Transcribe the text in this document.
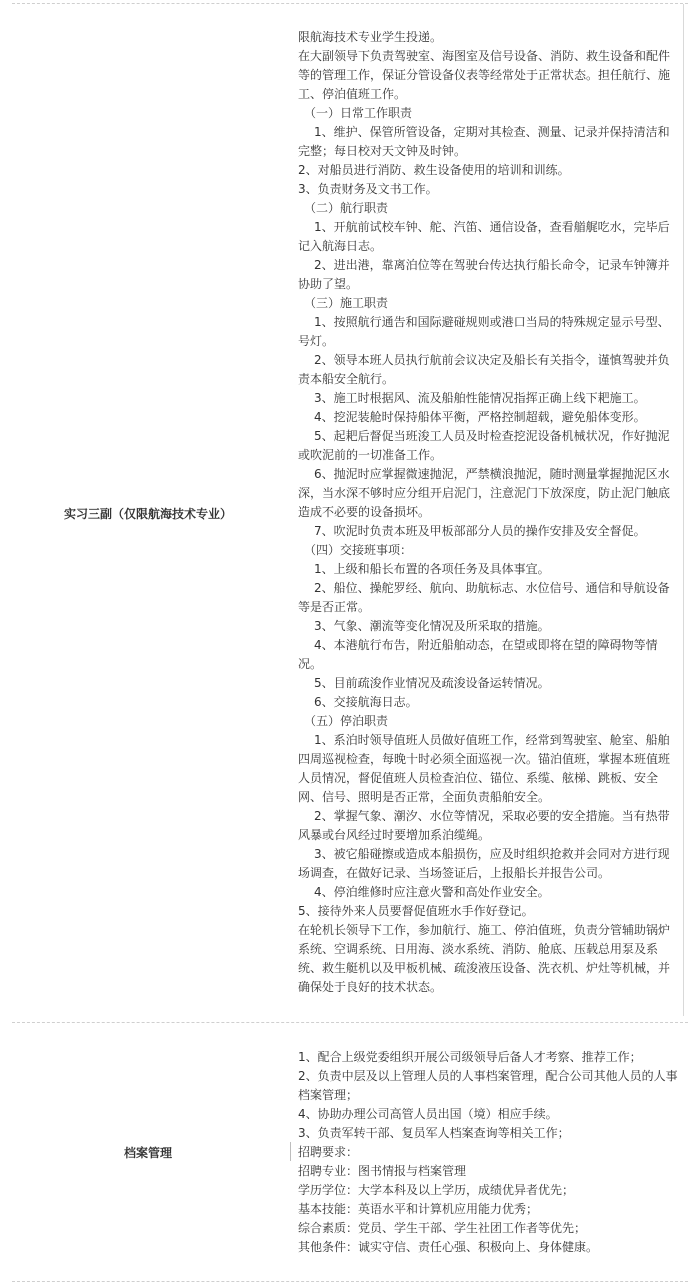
实习三副（仅限航海技术专业）
限航海技术专业学生投递。
在大副领导下负责驾驶室、海图室及信号设备、消防、救生设备和配件等的管理工作，保证分管设备仪表等经常处于正常状态。担任航行、施工、停泊值班工作。
（一）日常工作职责
1、维护、保管所管设备，定期对其检查、测量、记录并保持清洁和完整；每日校对天文钟及时钟。
2、对船员进行消防、救生设备使用的培训和训练。
3、负责财务及文书工作。
（二）航行职责
1、开航前试校车钟、舵、汽笛、通信设备，查看艏艉吃水，完毕后记入航海日志。
2、进出港，靠离泊位等在驾驶台传达执行船长命令，记录车钟簿并协助了望。
（三）施工职责
1、按照航行通告和国际避碰规则或港口当局的特殊规定显示号型、号灯。
2、领导本班人员执行航前会议决定及船长有关指令，谨慎驾驶并负责本船安全航行。
3、施工时根据风、流及船舶性能情况指挥正确上线下耙施工。
4、挖泥装舱时保持船体平衡，严格控制超载，避免船体变形。
5、起耙后督促当班浚工人员及时检查挖泥设备机械状况，作好抛泥或吹泥前的一切准备工作。
6、抛泥时应掌握微速抛泥，严禁横浪抛泥，随时测量掌握抛泥区水深，当水深不够时应分组开启泥门，注意泥门下放深度，防止泥门触底造成不必要的设备损坏。
7、吹泥时负责本班及甲板部部分人员的操作安排及安全督促。
（四）交接班事项：
1、上级和船长布置的各项任务及具体事宜。
2、船位、操舵罗经、航向、助航标志、水位信号、通信和导航设备等是否正常。
3、气象、潮流等变化情况及所采取的措施。
4、本港航行布告，附近船舶动态，在望或即将在望的障碍物等情况。
5、目前疏浚作业情况及疏浚设备运转情况。
6、交接航海日志。
（五）停泊职责
1、系泊时领导值班人员做好值班工作，经常到驾驶室、舱室、船舶四周巡视检查，每晚十时必须全面巡视一次。锚泊值班，掌握本班值班人员情况，督促值班人员检查泊位、锚位、系缆、舷梯、跳板、安全网、信号、照明是否正常，全面负责船舶安全。
2、掌握气象、潮汐、水位等情况，采取必要的安全措施。当有热带风暴或台风经过时要增加系泊缆绳。
3、被它船碰擦或造成本船损伤，应及时组织抢救并会同对方进行现场调查，在做好记录、当场签证后，上报船长并报告公司。
4、停泊维修时应注意火警和高处作业安全。
5、接待外来人员要督促值班水手作好登记。
在轮机长领导下工作，参加航行、施工、停泊值班，负责分管辅助锅炉系统、空调系统、日用海、淡水系统、消防、舱底、压载总用泵及系统、救生艇机以及甲板机械、疏浚液压设备、洗衣机、炉灶等机械，并确保处于良好的技术状态。
档案管理
1、配合上级党委组织开展公司级领导后备人才考察、推荐工作；
2、负责中层及以上管理人员的人事档案管理，配合公司其他人员的人事档案管理；
4、协助办理公司高管人员出国（境）相应手续。
3、负责军转干部、复员军人档案查询等相关工作；
招聘要求：
招聘专业：图书情报与档案管理
学历学位：大学本科及以上学历，成绩优异者优先；
基本技能：英语水平和计算机应用能力优秀；
综合素质：党员、学生干部、学生社团工作者等优先；
其他条件：诚实守信、责任心强、积极向上、身体健康。
